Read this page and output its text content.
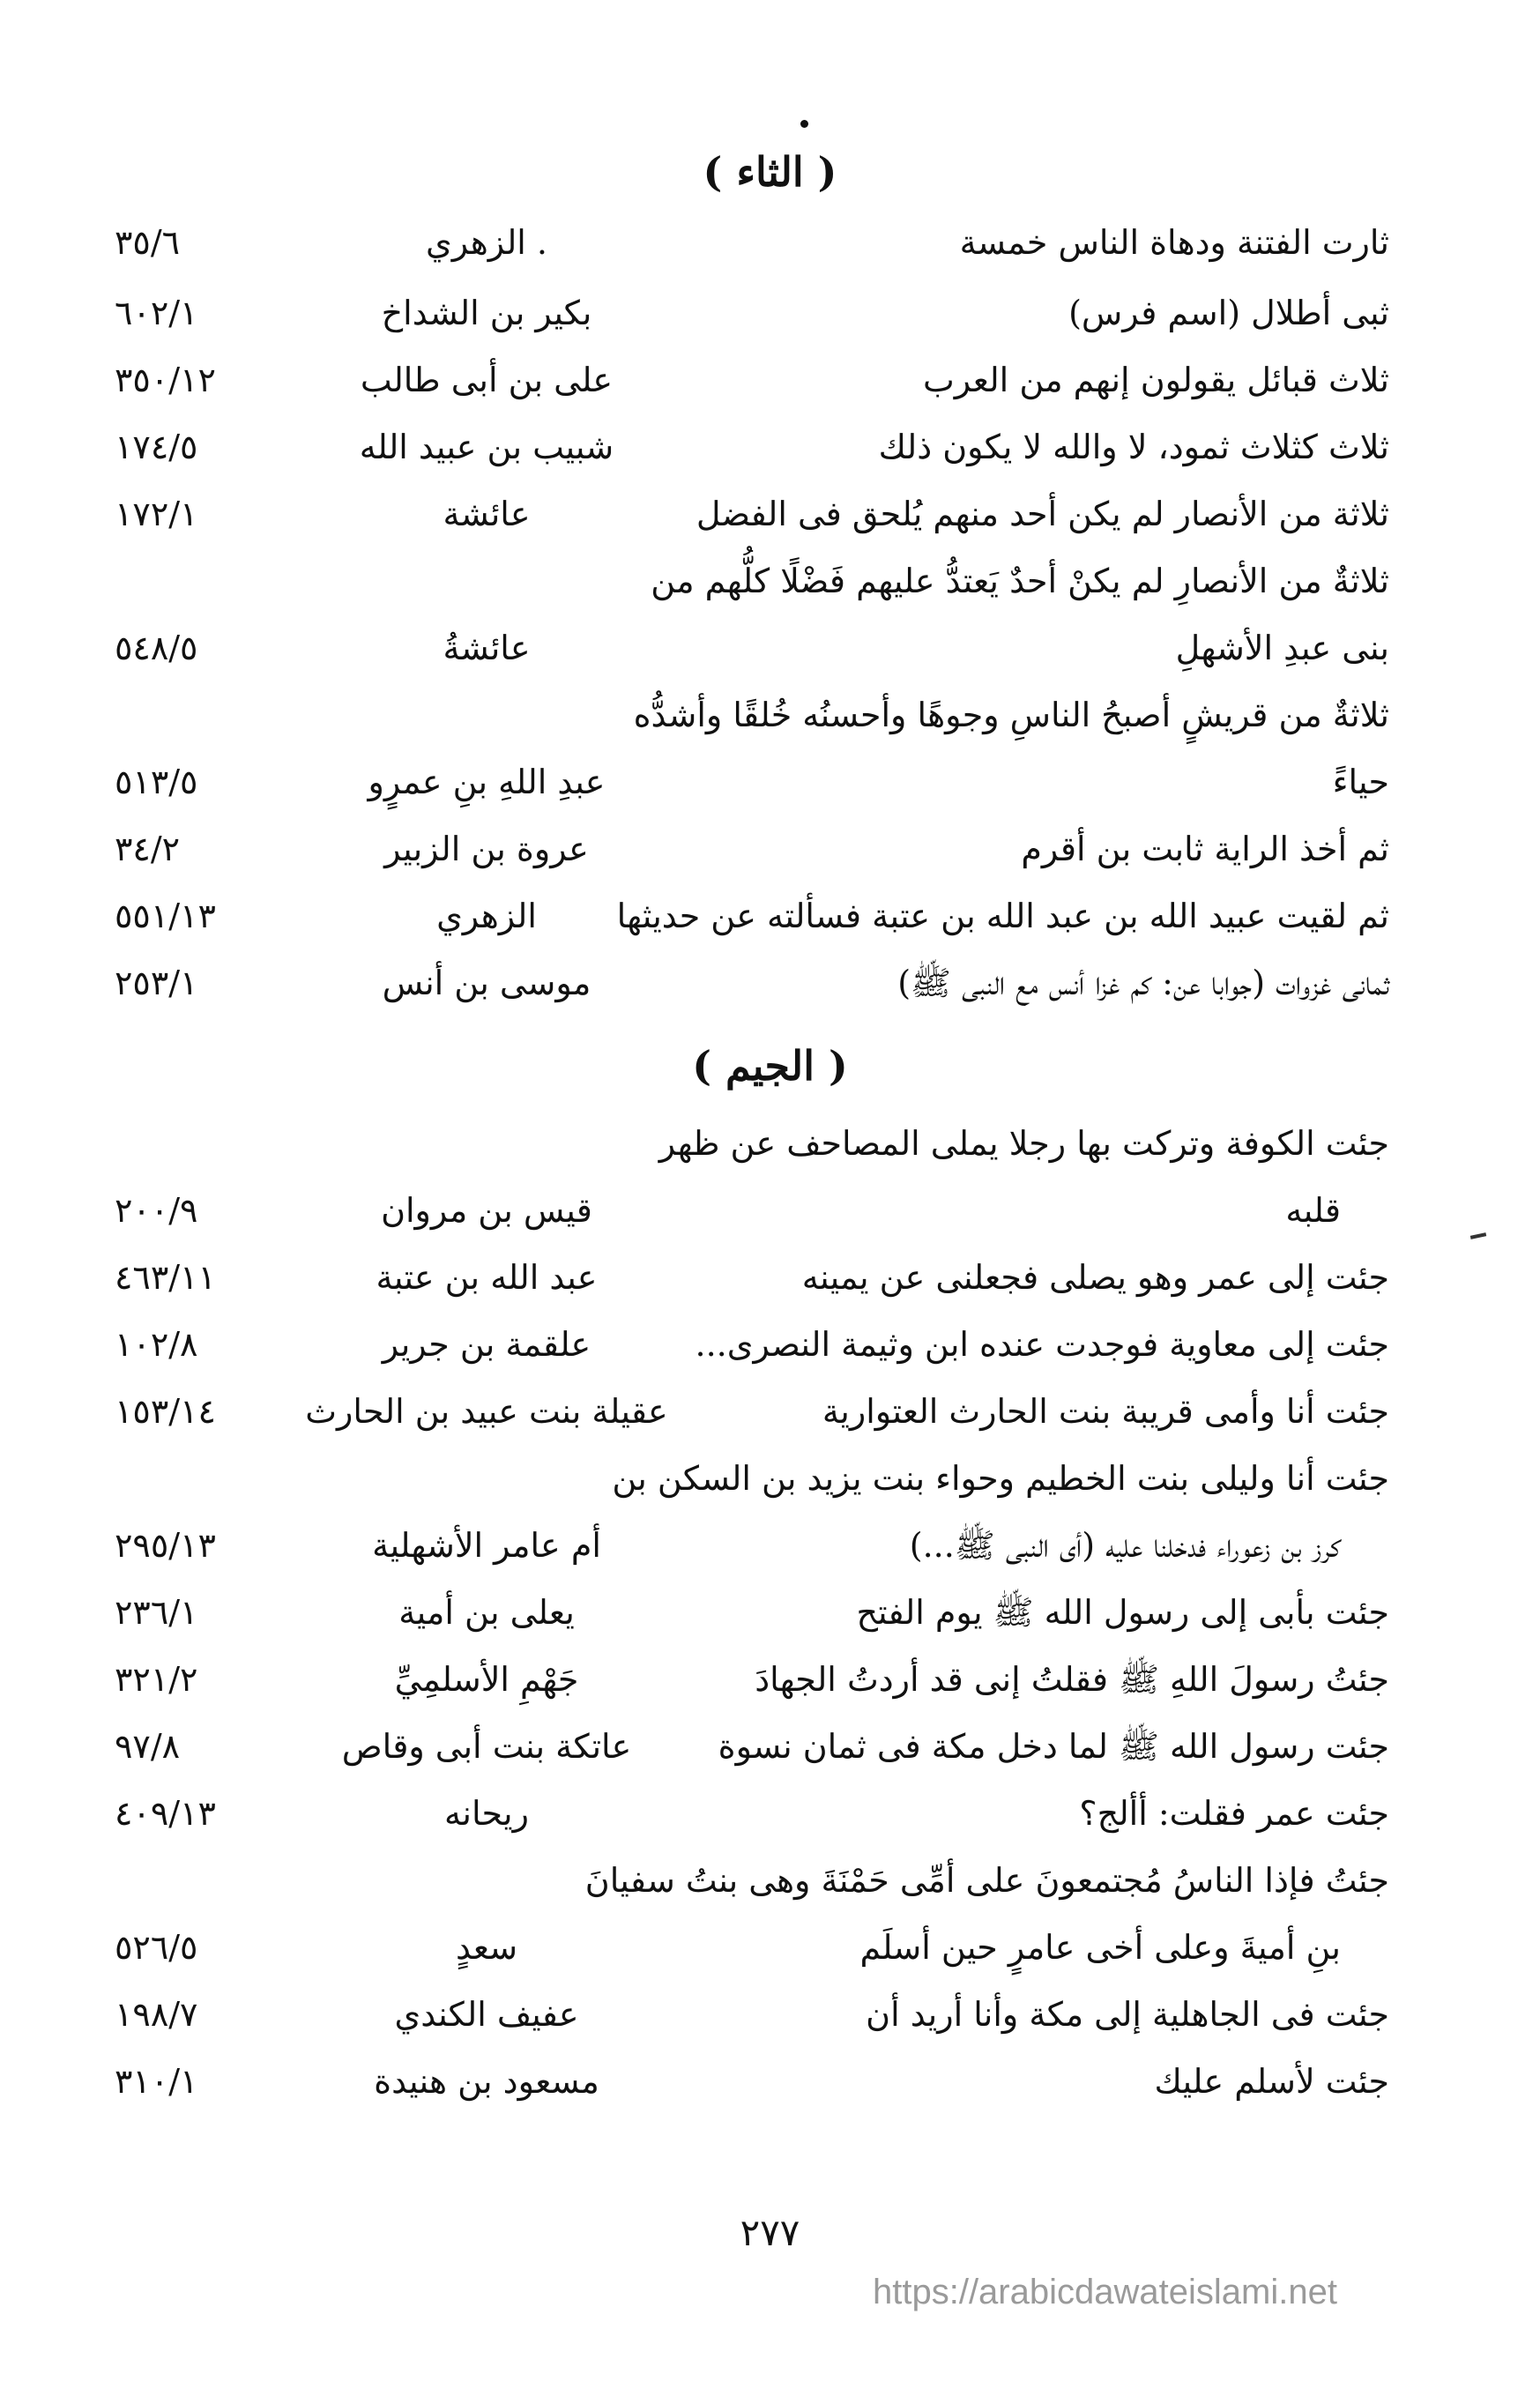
( الثاء )
ثارت الفتنة ودهاة الناس خمسة
. الزهري
٣٥/٦
ثبى أطلال (اسم فرس)
بكير بن الشداخ
٦٠٢/١
ثلاث قبائل يقولون إنهم من العرب
على بن أبى طالب
٣٥٠/١٢
ثلاث كثلاث ثمود، لا والله لا يكون ذلك
شبيب بن عبيد الله
١٧٤/٥
ثلاثة من الأنصار لم يكن أحد منهم يُلحق فى الفضل
عائشة
١٧٢/١
ثلاثةٌ من الأنصارِ لم يكنْ أحدٌ يَعتدُّ عليهم فَضْلًا كلُّهم من
بنى عبدِ الأشهلِ
عائشةُ
٥٤٨/٥
ثلاثةٌ من قريشٍ أصبحُ الناسِ وجوهًا وأحسنُه خُلقًا وأشدُّه
حياءً
عبدِ اللهِ بنِ عمرٍو
٥١٣/٥
ثم أخذ الراية ثابت بن أقرم
عروة بن الزبير
٣٤/٢
ثم لقيت عبيد الله بن عبد الله بن عتبة فسألته عن حديثها
الزهري
٥٥١/١٣
ثمانى غزوات (جوابا عن: كم غزا أنس مع النبى ﷺ)
موسى بن أنس
٢٥٣/١
( الجيم )
جئت الكوفة وتركت بها رجلا يملى المصاحف عن ظهر
قلبه
قيس بن مروان
٢٠٠/٩
جئت إلى عمر وهو يصلى فجعلنى عن يمينه
عبد الله بن عتبة
٤٦٣/١١
جئت إلى معاوية فوجدت عنده ابن وثيمة النصرى...
علقمة بن جرير
١٠٢/٨
جئت أنا وأمى قريبة بنت الحارث العتوارية
عقيلة بنت عبيد بن الحارث
١٥٣/١٤
جئت أنا وليلى بنت الخطيم وحواء بنت يزيد بن السكن بن
كرز بن زعوراء فدخلنا عليه (أى النبى ﷺ...)
أم عامر الأشهلية
٢٩٥/١٣
جئت بأبى إلى رسول الله ﷺ يوم الفتح
يعلى بن أمية
٢٣٦/١
جئتُ رسولَ اللهِ ﷺ فقلتُ إنى قد أردتُ الجهادَ
جَهْمِ الأسلمِيِّ
٣٢١/٢
جئت رسول الله ﷺ لما دخل مكة فى ثمان نسوة
عاتكة بنت أبى وقاص
٩٧/٨
جئت عمر فقلت: أألج؟
ريحانه
٤٠٩/١٣
جئتُ فإذا الناسُ مُجتمعونَ على أمِّى حَمْنَةَ وهى بنتُ سفيانَ
بنِ أميةَ وعلى أخى عامرٍ حين أسلَم
سعدٍ
٥٢٦/٥
جئت فى الجاهلية إلى مكة وأنا أريد أن
عفيف الكندي
١٩٨/٧
جئت لأسلم عليك
مسعود بن هنيدة
٣١٠/١
٢٧٧
https://arabicdawateislami.net
